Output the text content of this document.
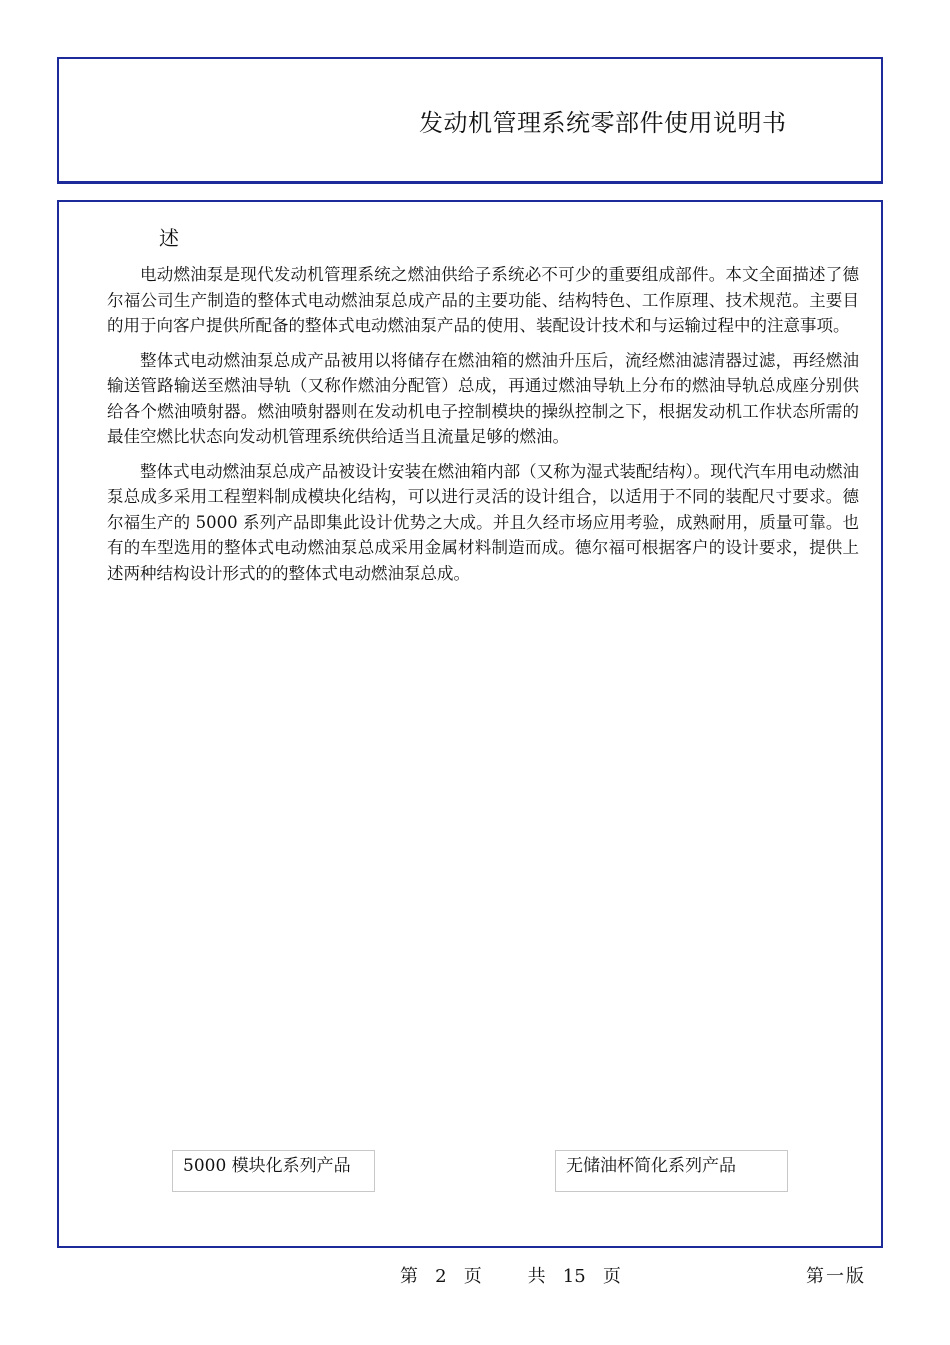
发动机管理系统零部件使用说明书
述

电动燃油泵是现代发动机管理系统之燃油供给子系统必不可少的重要组成部件。本文全面描述了德尔福公司生产制造的整体式电动燃油泵总成产品的主要功能、结构特色、工作原理、技术规范。主要目的用于向客户提供所配备的整体式电动燃油泵产品的使用、装配设计技术和与运输过程中的注意事项。

整体式电动燃油泵总成产品被用以将储存在燃油箱的燃油升压后，流经燃油滤清器过滤，再经燃油输送管路输送至燃油导轨（又称作燃油分配管）总成，再通过燃油导轨上分布的燃油导轨总成座分别供给各个燃油喷射器。燃油喷射器则在发动机电子控制模块的操纵控制之下，根据发动机工作状态所需的最佳空燃比状态向发动机管理系统供给适当且流量足够的燃油。

整体式电动燃油泵总成产品被设计安装在燃油箱内部（又称为湿式装配结构）。现代汽车用电动燃油泵总成多采用工程塑料制成模块化结构，可以进行灵活的设计组合，以适用于不同的装配尺寸要求。德尔福生产的 5000 系列产品即集此设计优势之大成。并且久经市场应用考验，成熟耐用，质量可靠。也有的车型选用的整体式电动燃油泵总成采用金属材料制造而成。德尔福可根据客户的设计要求，提供上述两种结构设计形式的的整体式电动燃油泵总成。

5000 模块化系列产品	无储油杯简化系列产品
第 2 页	共 15 页	第一版
